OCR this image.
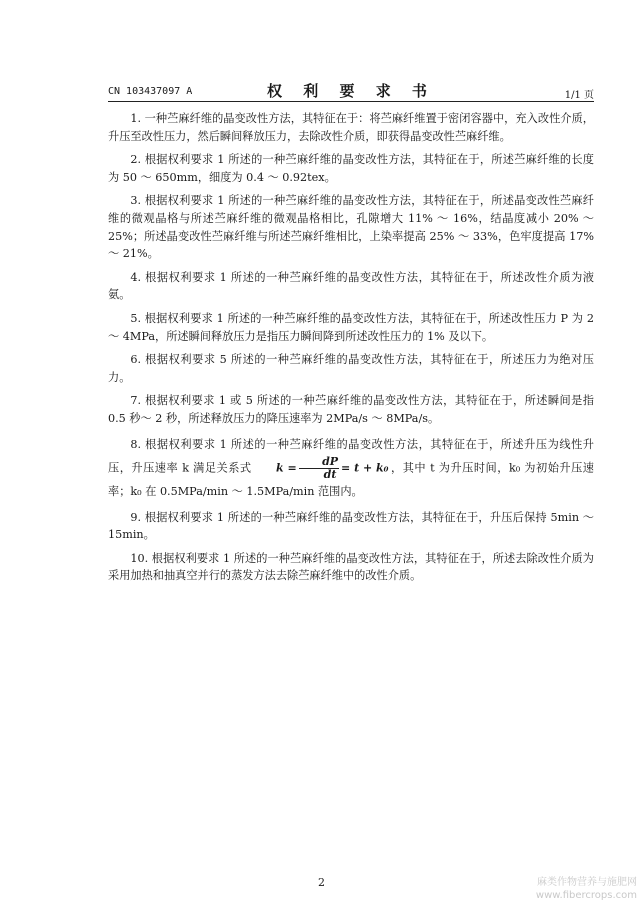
CN 103437097 A	权 利 要 求 书	1/1 页

1. 一种苎麻纤维的晶变改性方法，其特征在于：将苎麻纤维置于密闭容器中，充入改性介质，升压至改性压力，然后瞬间释放压力，去除改性介质，即获得晶变改性苎麻纤维。

2. 根据权利要求 1 所述的一种苎麻纤维的晶变改性方法，其特征在于，所述苎麻纤维的长度为 50 ～ 650mm，细度为 0.4 ～ 0.92tex。

3. 根据权利要求 1 所述的一种苎麻纤维的晶变改性方法，其特征在于，所述晶变改性苎麻纤维的微观晶格与所述苎麻纤维的微观晶格相比，孔隙增大 11% ～ 16%，结晶度减小 20% ～ 25%；所述晶变改性苎麻纤维与所述苎麻纤维相比，上染率提高 25% ～ 33%，色牢度提高 17% ～ 21%。

4. 根据权利要求 1 所述的一种苎麻纤维的晶变改性方法，其特征在于，所述改性介质为液氨。

5. 根据权利要求 1 所述的一种苎麻纤维的晶变改性方法，其特征在于，所述改性压力 P 为 2 ～ 4MPa，所述瞬间释放压力是指压力瞬间降到所述改性压力的 1% 及以下。

6. 根据权利要求 5 所述的一种苎麻纤维的晶变改性方法，其特征在于，所述压力为绝对压力。

7. 根据权利要求 1 或 5 所述的一种苎麻纤维的晶变改性方法，其特征在于，所述瞬间是指 0.5 秒～ 2 秒，所述释放压力的降压速率为 2MPa/s ～ 8MPa/s。

8. 根据权利要求 1 所述的一种苎麻纤维的晶变改性方法，其特征在于，所述升压为线性升压，升压速率 k 满足关系式 $k = \frac{dP}{dt} = t + k_0$ ，其中 t 为升压时间，k₀ 为初始升压速率；k₀ 在 0.5MPa/min ～ 1.5MPa/min 范围内。

9. 根据权利要求 1 所述的一种苎麻纤维的晶变改性方法，其特征在于，升压后保持 5min ～ 15min。

10. 根据权利要求 1 所述的一种苎麻纤维的晶变改性方法，其特征在于，所述去除改性介质为采用加热和抽真空并行的蒸发方法去除苎麻纤维中的改性介质。

2	麻类作物营养与施肥网
www.fibercrops.com
